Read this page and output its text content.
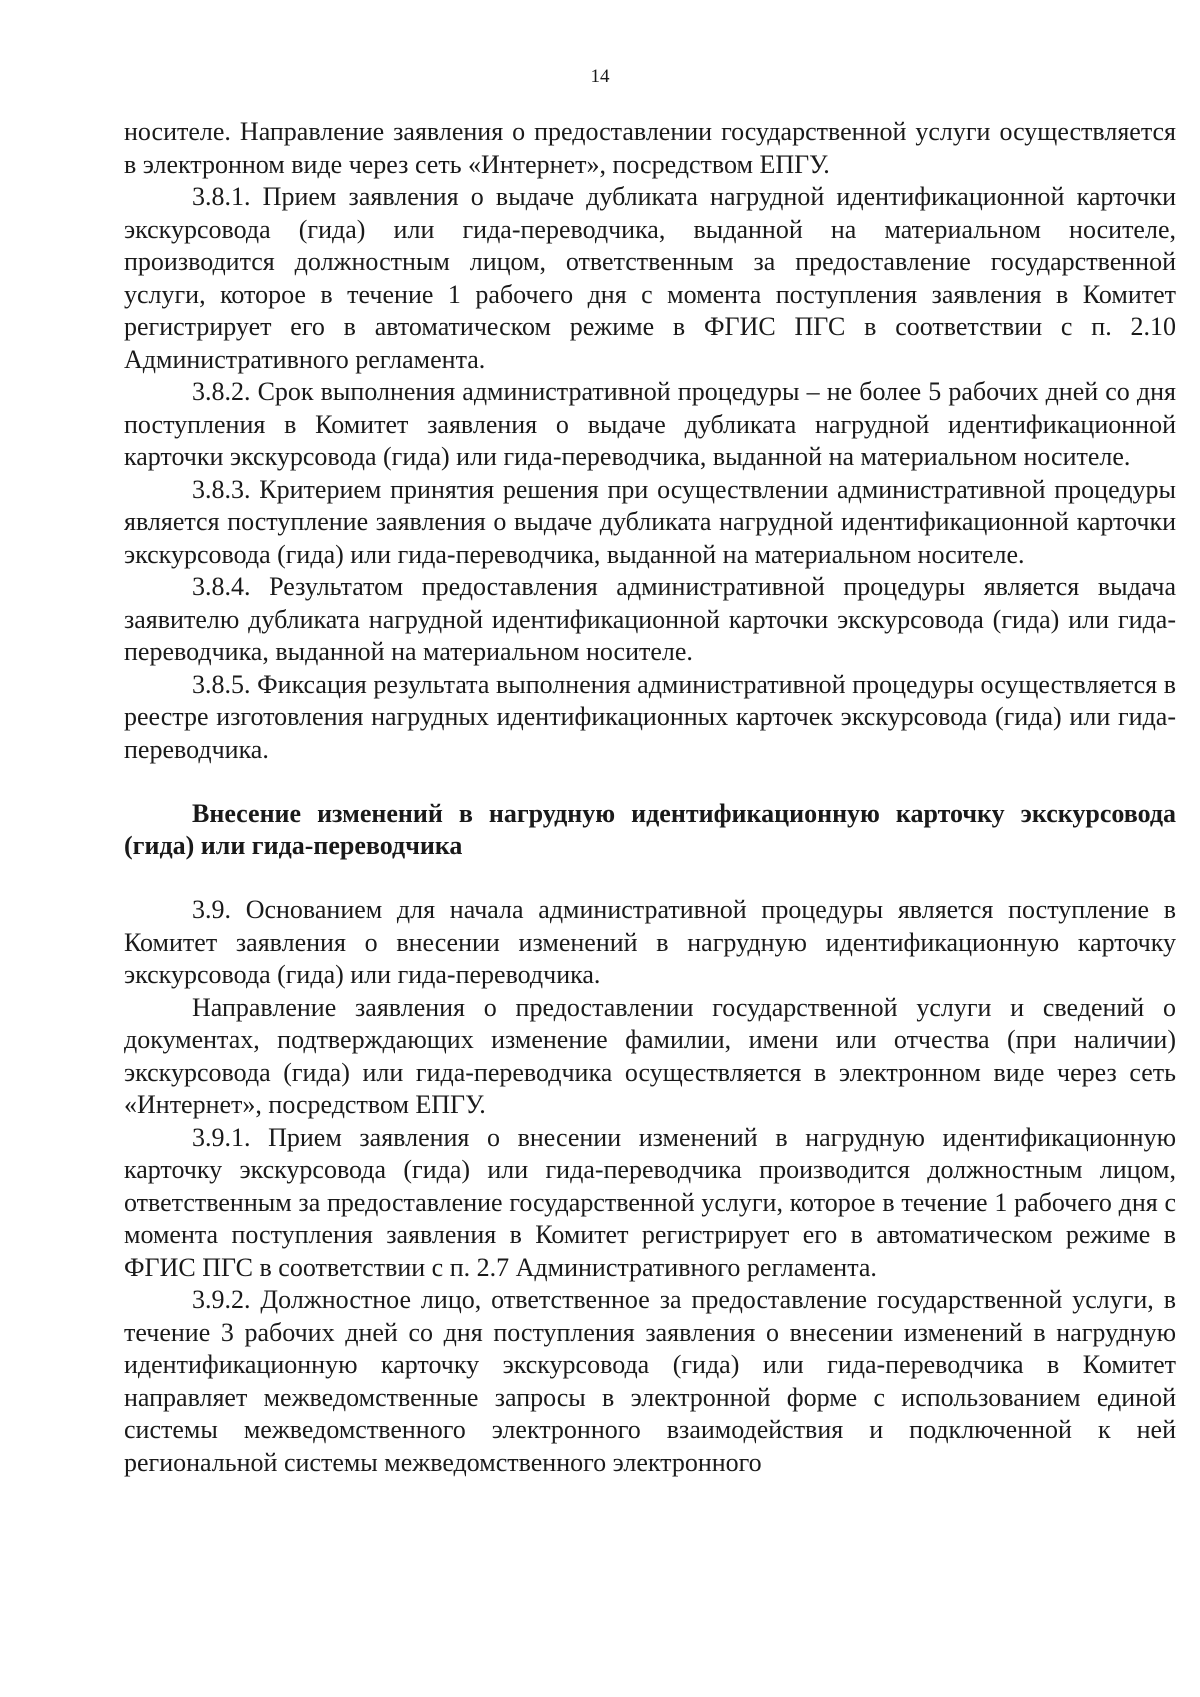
14

носителе. Направление заявления о предоставлении государственной услуги осуществляется в электронном виде через сеть «Интернет», посредством ЕПГУ.

3.8.1. Прием заявления о выдаче дубликата нагрудной идентификационной карточки экскурсовода (гида) или гида-переводчика, выданной на материальном носителе, производится должностным лицом, ответственным за предоставление государственной услуги, которое в течение 1 рабочего дня с момента поступления заявления в Комитет регистрирует его в автоматическом режиме в ФГИС ПГС в соответствии с п. 2.10 Административного регламента.

3.8.2. Срок выполнения административной процедуры – не более 5 рабочих дней со дня поступления в Комитет заявления о выдаче дубликата нагрудной идентификационной карточки экскурсовода (гида) или гида-переводчика, выданной на материальном носителе.

3.8.3. Критерием принятия решения при осуществлении административной процедуры является поступление заявления о выдаче дубликата нагрудной идентификационной карточки экскурсовода (гида) или гида-переводчика, выданной на материальном носителе.

3.8.4. Результатом предоставления административной процедуры является выдача заявителю дубликата нагрудной идентификационной карточки экскурсовода (гида) или гида-переводчика, выданной на материальном носителе.

3.8.5. Фиксация результата выполнения административной процедуры осуществляется в реестре изготовления нагрудных идентификационных карточек экскурсовода (гида) или гида-переводчика.

Внесение изменений в нагрудную идентификационную карточку экскурсовода (гида) или гида-переводчика

3.9. Основанием для начала административной процедуры является поступление в Комитет заявления о внесении изменений в нагрудную идентификационную карточку экскурсовода (гида) или гида-переводчика.

Направление заявления о предоставлении государственной услуги и сведений о документах, подтверждающих изменение фамилии, имени или отчества (при наличии) экскурсовода (гида) или гида-переводчика осуществляется в электронном виде через сеть «Интернет», посредством ЕПГУ.

3.9.1. Прием заявления о внесении изменений в нагрудную идентификационную карточку экскурсовода (гида) или гида-переводчика производится должностным лицом, ответственным за предоставление государственной услуги, которое в течение 1 рабочего дня с момента поступления заявления в Комитет регистрирует его в автоматическом режиме в ФГИС ПГС в соответствии с п. 2.7 Административного регламента.

3.9.2. Должностное лицо, ответственное за предоставление государственной услуги, в течение 3 рабочих дней со дня поступления заявления о внесении изменений в нагрудную идентификационную карточку экскурсовода (гида) или гида-переводчика в Комитет направляет межведомственные запросы в электронной форме с использованием единой системы межведомственного электронного взаимодействия и подключенной к ней региональной системы межведомственного электронного
